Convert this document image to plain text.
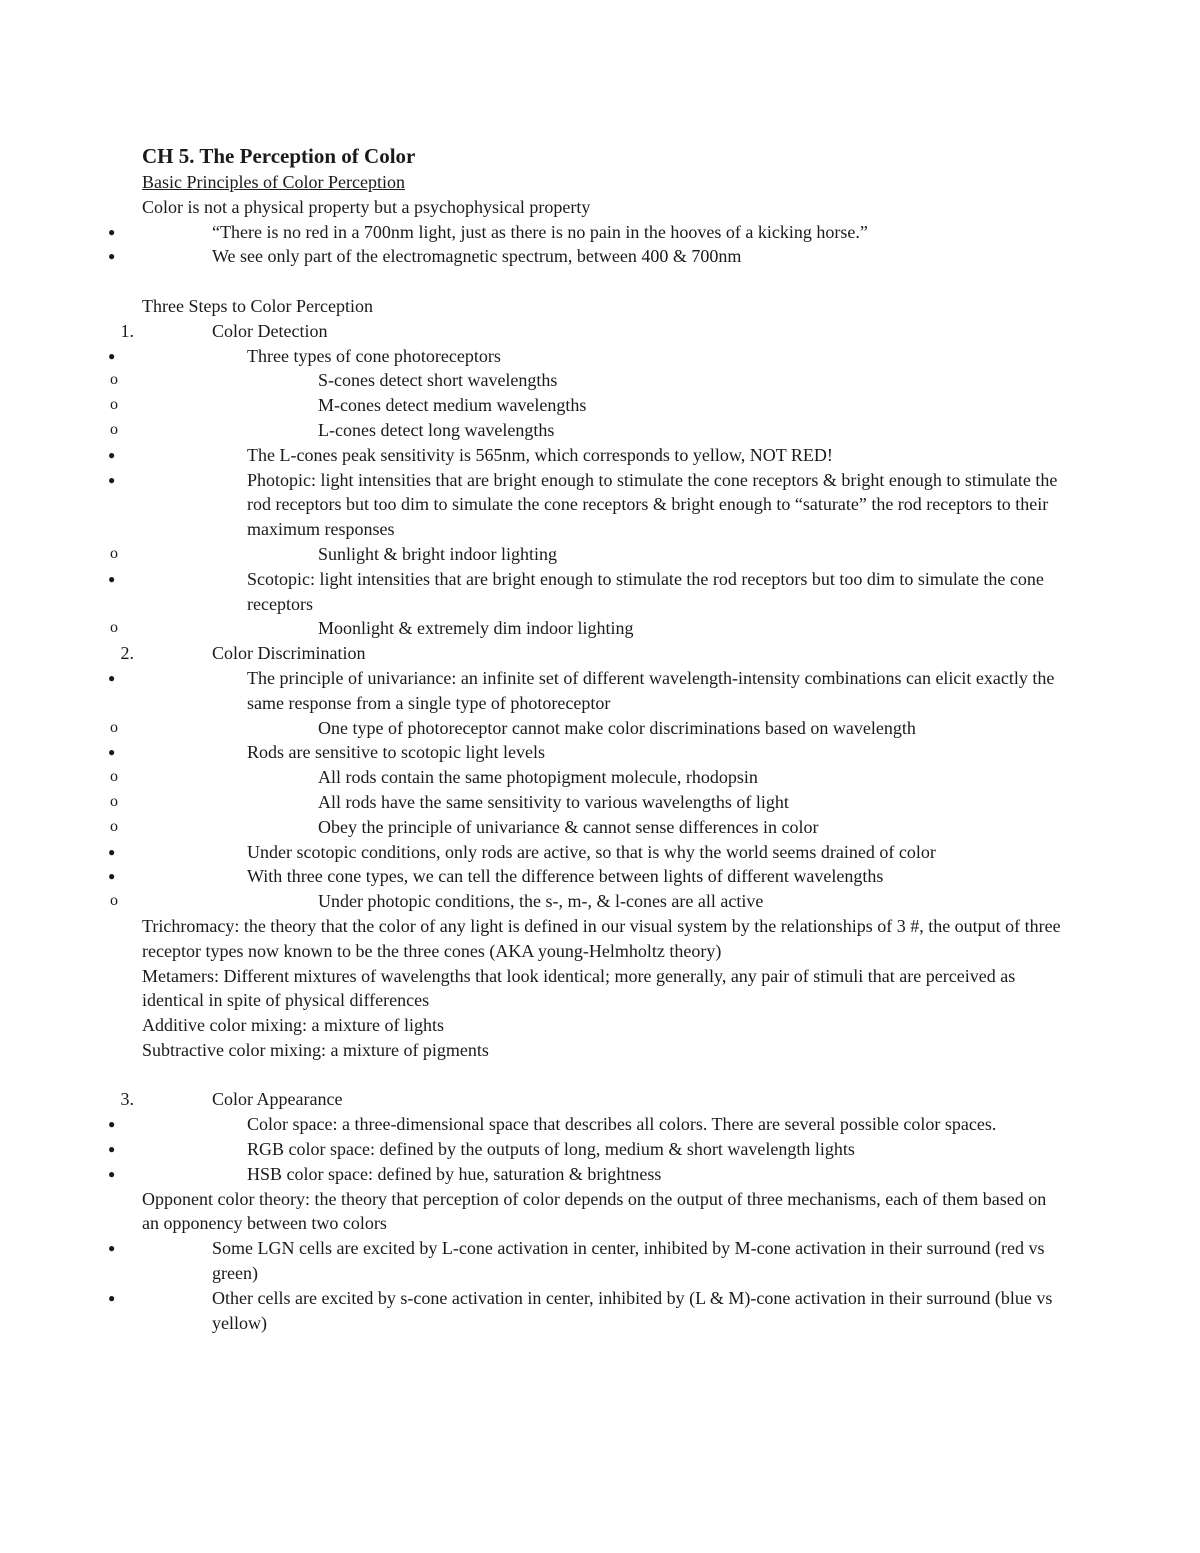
CH 5. The Perception of Color

Basic Principles of Color Perception

Color is not a physical property but a psychophysical property

●	“There is no red in a 700nm light, just as there is no pain in the hooves of a kicking horse.”

●	We see only part of the electromagnetic spectrum, between 400 & 700nm

Three Steps to Color Perception

1.	Color Detection

●	Three types of cone photoreceptors

o	S-cones detect short wavelengths

o	M-cones detect medium wavelengths

o	L-cones detect long wavelengths

●	The L-cones peak sensitivity is 565nm, which corresponds to yellow, NOT RED!

●	Photopic: light intensities that are bright enough to stimulate the cone receptors & bright enough to stimulate the rod receptors but too dim to simulate the cone receptors & bright enough to “saturate” the rod receptors to their maximum responses

o	Sunlight & bright indoor lighting

●	Scotopic: light intensities that are bright enough to stimulate the rod receptors but too dim to simulate the cone receptors

o	Moonlight & extremely dim indoor lighting

2.	Color Discrimination

●	The principle of univariance: an infinite set of different wavelength-intensity combinations can elicit exactly the same response from a single type of photoreceptor

o	One type of photoreceptor cannot make color discriminations based on wavelength

●	Rods are sensitive to scotopic light levels

o	All rods contain the same photopigment molecule, rhodopsin

o	All rods have the same sensitivity to various wavelengths of light

o	Obey the principle of univariance & cannot sense differences in color

●	Under scotopic conditions, only rods are active, so that is why the world seems drained of color

●	With three cone types, we can tell the difference between lights of different wavelengths

o	Under photopic conditions, the s-, m-, & l-cones are all active

Trichromacy: the theory that the color of any light is defined in our visual system by the relationships of 3 #, the output of three receptor types now known to be the three cones (AKA young-Helmholtz theory)

Metamers: Different mixtures of wavelengths that look identical; more generally, any pair of stimuli that are perceived as identical in spite of physical differences

Additive color mixing: a mixture of lights

Subtractive color mixing: a mixture of pigments

3.	Color Appearance

●	Color space: a three-dimensional space that describes all colors. There are several possible color spaces.

●	RGB color space: defined by the outputs of long, medium & short wavelength lights

●	HSB color space: defined by hue, saturation & brightness

Opponent color theory: the theory that perception of color depends on the output of three mechanisms, each of them based on an opponency between two colors

●	Some LGN cells are excited by L-cone activation in center, inhibited by M-cone activation in their surround (red vs green)

●	Other cells are excited by s-cone activation in center, inhibited by (L & M)-cone activation in their surround (blue vs yellow)
